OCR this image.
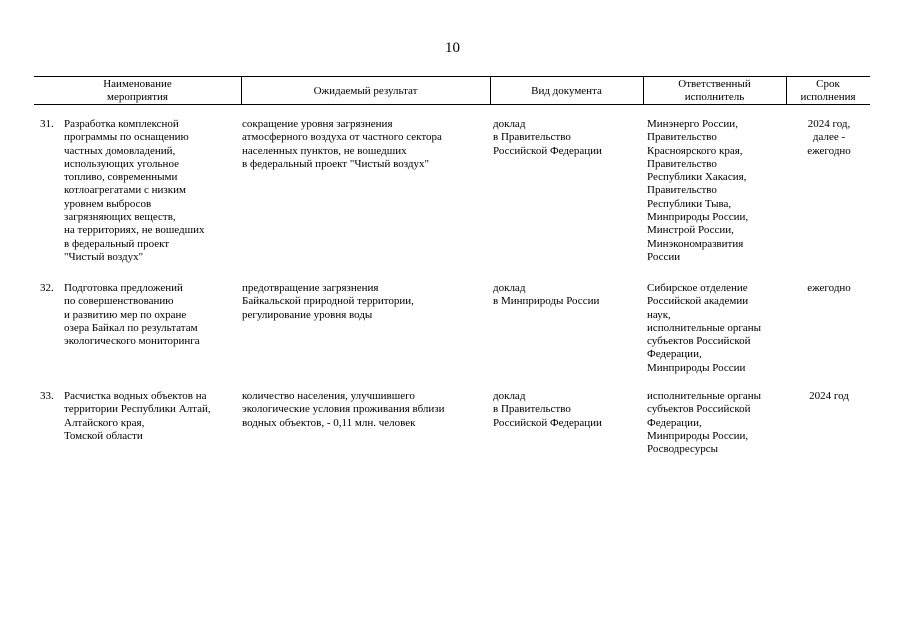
10
Наименование
мероприятия
Ожидаемый результат	Вид документа
Ответственный
исполнитель
Срок
исполнения
31. Разработка комплексной
программы по оснащению
частных домовладений,
использующих угольное
топливо, современными
котлоагрегатами с низким
уровнем выбросов
загрязняющих веществ,
на территориях, не вошедших
в федеральный проект
"Чистый воздух"
сокращение уровня загрязнения
атмосферного воздуха от частного сектора
населенных пунктов, не вошедших
в федеральный проект "Чистый воздух"
доклад
в Правительство
Российской Федерации
Минэнерго России,
Правительство
Красноярского края,
Правительство
Республики Хакасия,
Правительство
Республики Тыва,
Минприроды России,
Минстрой России,
Минэкономразвития
России
2024 год,
далее -
ежегодно
32. Подготовка предложений
по совершенствованию
и развитию мер по охране
озера Байкал по результатам
экологического мониторинга
предотвращение загрязнения
Байкальской природной территории,
регулирование уровня воды
доклад
в Минприроды России
Сибирское отделение
Российской академии
наук,
исполнительные органы
субъектов Российской
Федерации,
Минприроды России
ежегодно
33. Расчистка водных объектов на
территории Республики Алтай,
Алтайского края,
Томской области
количество населения, улучшившего
экологические условия проживания вблизи
водных объектов, - 0,11 млн. человек
доклад
в Правительство
Российской Федерации
исполнительные органы
субъектов Российской
Федерации,
Минприроды России,
Росводресурсы
2024 год
